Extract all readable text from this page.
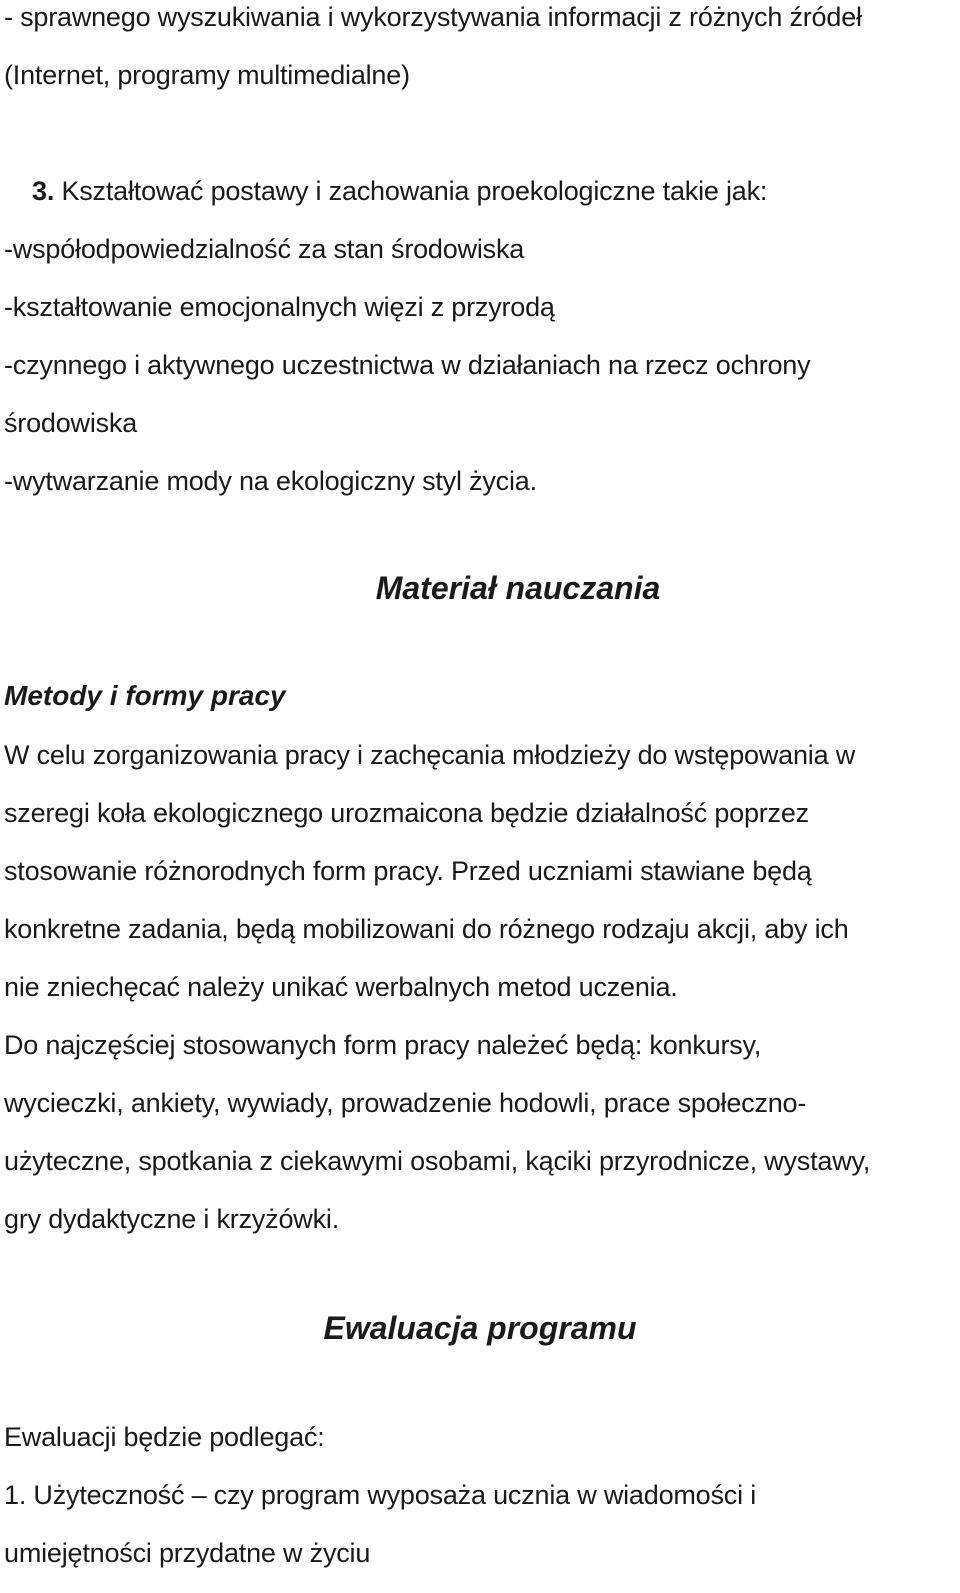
- sprawnego wyszukiwania i wykorzystywania informacji z różnych źródeł
(Internet, programy multimedialne)
3. Kształtować postawy i zachowania proekologiczne takie jak:
-współodpowiedzialność za stan środowiska
-kształtowanie emocjonalnych więzi z przyrodą
-czynnego i aktywnego uczestnictwa w działaniach na rzecz ochrony
środowiska
-wytwarzanie mody na ekologiczny styl życia.
Materiał nauczania
Metody i formy pracy
W celu zorganizowania pracy i zachęcania młodzieży do wstępowania w
szeregi koła ekologicznego urozmaicona będzie działalność poprzez
stosowanie różnorodnych form pracy. Przed uczniami stawiane będą
konkretne zadania, będą mobilizowani do różnego rodzaju akcji, aby ich
nie zniechęcać należy unikać werbalnych metod uczenia.
Do najczęściej stosowanych form pracy należeć będą: konkursy,
wycieczki, ankiety, wywiady, prowadzenie hodowli, prace społeczno-
użyteczne, spotkania z ciekawymi osobami, kąciki przyrodnicze, wystawy,
gry dydaktyczne i krzyżówki.
Ewaluacja programu
Ewaluacji będzie podlegać:
1. Użyteczność – czy program wyposaża ucznia w wiadomości i
umiejętności przydatne w życiu
